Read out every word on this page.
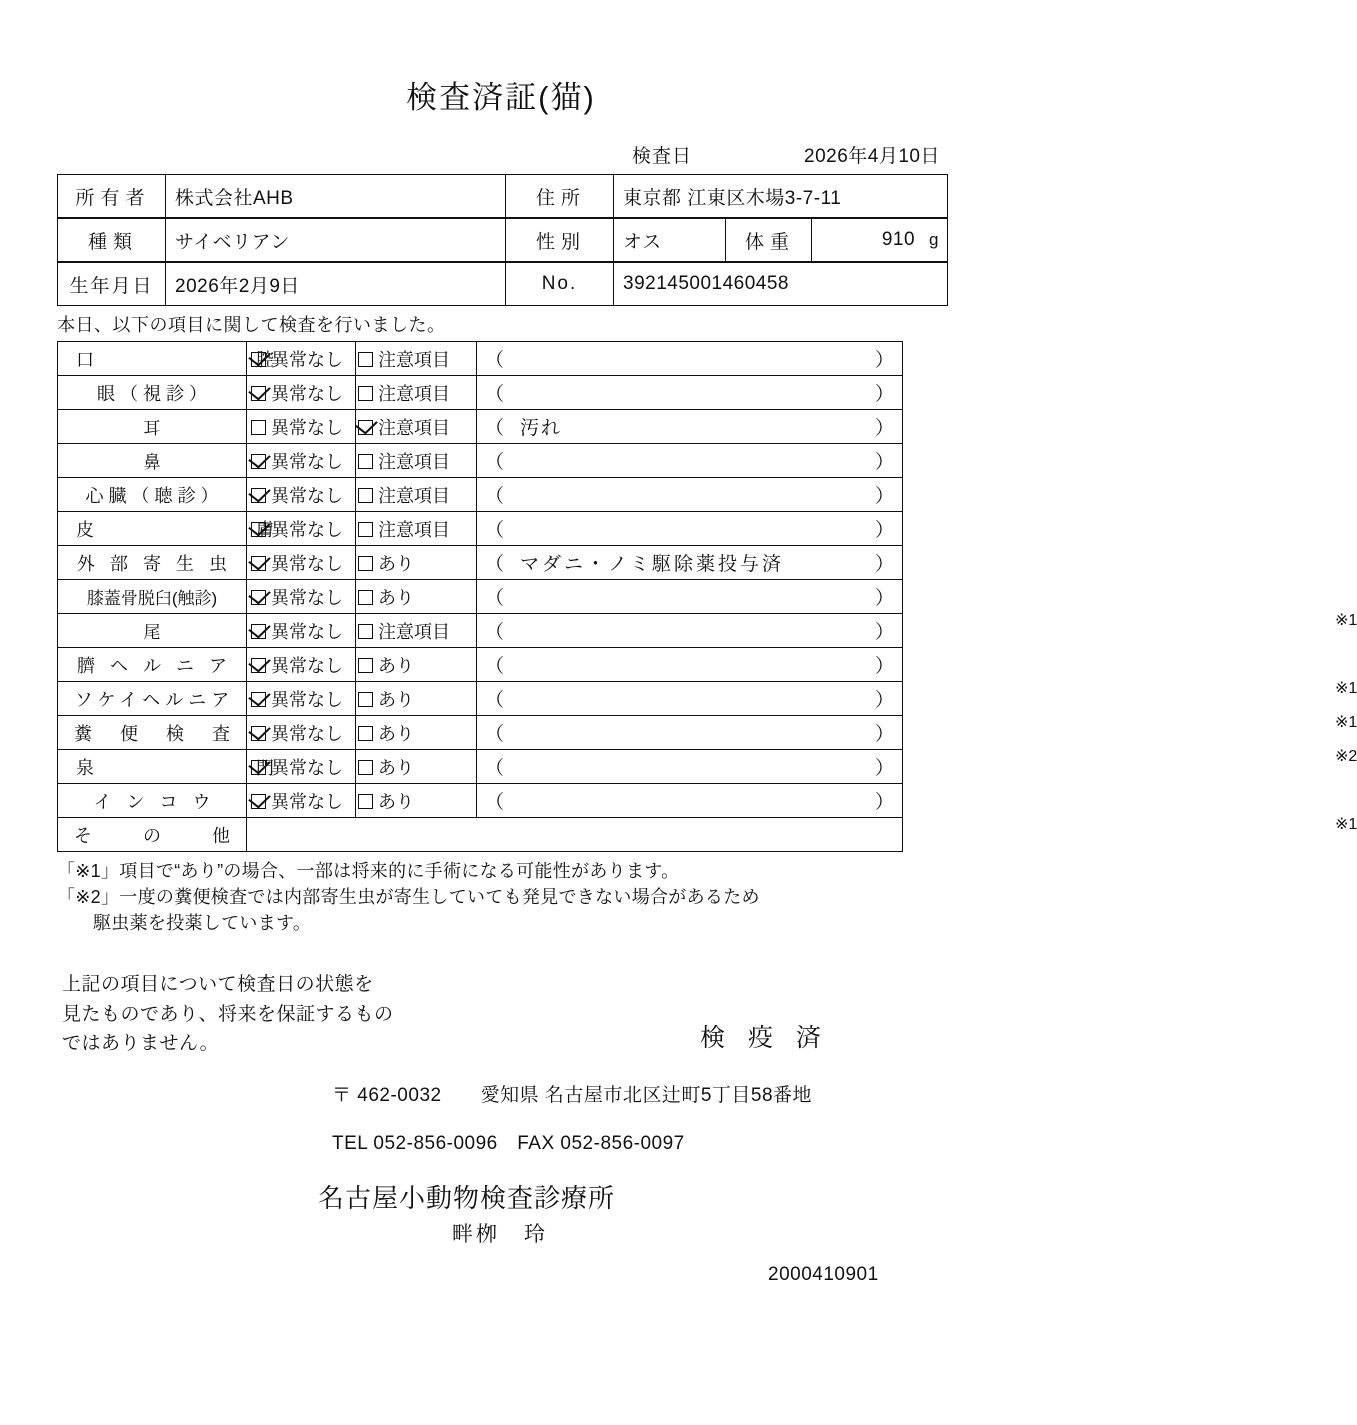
検査済証(猫)
検査日	2026年4月10日
所有者	株式会社AHB	住所	東京都 江東区木場3-7-11
種類	サイベリアン	性別	オス	体重	910 g
生年月日	2026年2月9日	No.	392145001460458
本日、以下の項目に関して検査を行いました。
口　　　　　腔	異常なし	注意項目	（ ）

眼（視診）	異常なし	注意項目	（ ）

耳	異常なし	注意項目	（ 汚れ ）

鼻	異常なし	注意項目	（ ）

心臓（聴診）	異常なし	注意項目	（ ）

皮　　　　　膚	異常なし	注意項目	（ ）

外 部 寄 生 虫	異常なし	あり	（ マダニ・ノミ駆除薬投与済 ）

膝蓋骨脱臼(触診)	異常なし	あり	（ ）
※1

尾	異常なし	注意項目	（ ）

臍 ヘ ル ニ ア	異常なし	あり	（ ）
※1

ソケイヘルニア	異常なし	あり	（ ）
※1

糞　便　検　査	異常なし	あり	（ ）
※2

泉　　　　　門	異常なし	あり	（ ）

イ ン コ ウ	異常なし	あり	（ ）
※1

そ　　の　　他			
「※1」項目で“あり”の場合、一部は将来的に手術になる可能性があります。
「※2」一度の糞便検査では内部寄生虫が寄生していても発見できない場合があるため
駆虫薬を投薬しています。
上記の項目について検査日の状態を
見たものであり、将来を保証するもの
ではありません。	検 疫 済
〒 462-0032　　愛知県 名古屋市北区辻町5丁目58番地
TEL 052-856-0096　FAX 052-856-0097
名古屋小動物検査診療所
畔栁　玲
2000410901
